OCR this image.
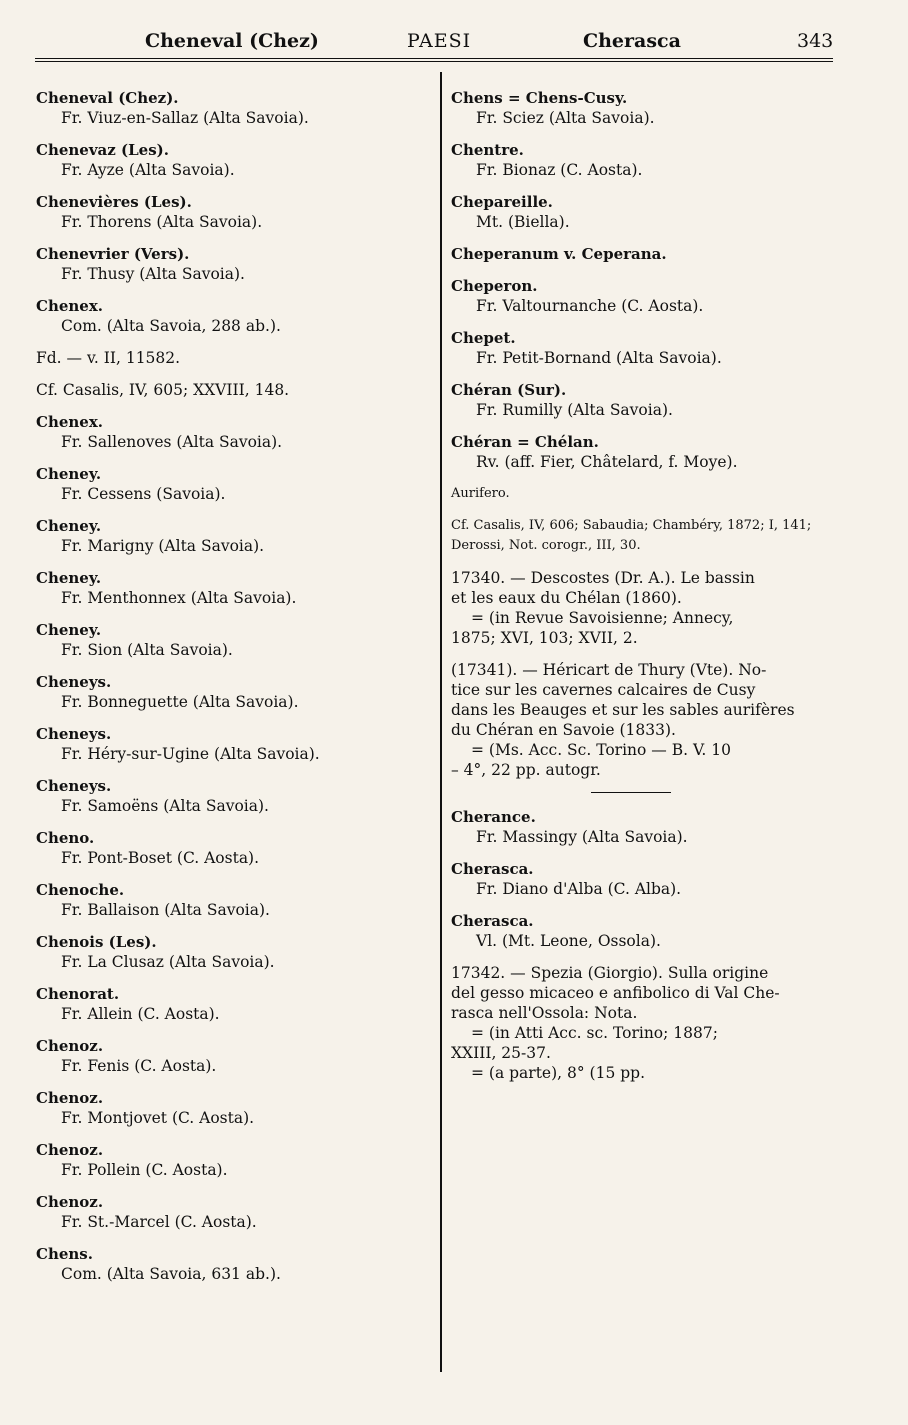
Cheneval (Chez)	PAESI	Cherasca	343
Cheneval (Chez).
Fr. Viuz-en-Sallaz (Alta Savoia).
Chenevaz (Les).
Fr. Ayze (Alta Savoia).
Chenevières (Les).
Fr. Thorens (Alta Savoia).
Chenevrier (Vers).
Fr. Thusy (Alta Savoia).
Chenex.
Com. (Alta Savoia, 288 ab.).
Fd. — v. II, 11582.
Cf. Casalis, IV, 605; XXVIII, 148.
Chenex.
Fr. Sallenoves (Alta Savoia).
Cheney.
Fr. Cessens (Savoia).
Cheney.
Fr. Marigny (Alta Savoia).
Cheney.
Fr. Menthonnex (Alta Savoia).
Cheney.
Fr. Sion (Alta Savoia).
Cheneys.
Fr. Bonneguette (Alta Savoia).
Cheneys.
Fr. Héry-sur-Ugine (Alta Savoia).
Cheneys.
Fr. Samoëns (Alta Savoia).
Cheno.
Fr. Pont-Boset (C. Aosta).
Chenoche.
Fr. Ballaison (Alta Savoia).
Chenois (Les).
Fr. La Clusaz (Alta Savoia).
Chenorat.
Fr. Allein (C. Aosta).
Chenoz.
Fr. Fenis (C. Aosta).
Chenoz.
Fr. Montjovet (C. Aosta).
Chenoz.
Fr. Pollein (C. Aosta).
Chenoz.
Fr. St.-Marcel (C. Aosta).
Chens.
Com. (Alta Savoia, 631 ab.).
Chens = Chens-Cusy.
Fr. Sciez (Alta Savoia).
Chentre.
Fr. Bionaz (C. Aosta).
Chepareille.
Mt. (Biella).
Cheperanum v. Ceperana.
Cheperon.
Fr. Valtournanche (C. Aosta).
Chepet.
Fr. Petit-Bornand (Alta Savoia).
Chéran (Sur).
Fr. Rumilly (Alta Savoia).
Chéran = Chélan.
Rv. (aff. Fier, Châtelard, f. Moye).
Aurifero.
Cf. Casalis, IV, 606; Sabaudia; Chambéry, 1872; I, 141; Derossi, Not. corogr., III, 30.

17340. — Descostes (Dr. A.). Le bassin

et les eaux du Chélan (1860).

= (in Revue Savoisienne; Annecy,

1875; XVI, 103; XVII, 2.

(17341). — Héricart de Thury (Vte). No-

tice sur les cavernes calcaires de Cusy

dans les Beauges et sur les sables aurifères

du Chéran en Savoie (1833).

= (Ms. Acc. Sc. Torino — B. V. 10

– 4°, 22 pp. autogr.

Cherance.
Fr. Massingy (Alta Savoia).
Cherasca.
Fr. Diano d'Alba (C. Alba).
Cherasca.
Vl. (Mt. Leone, Ossola).

17342. — Spezia (Giorgio). Sulla origine

del gesso micaceo e anfibolico di Val Che-

rasca nell'Ossola: Nota.

= (in Atti Acc. sc. Torino; 1887;

XXIII, 25-37.

= (a parte), 8° (15 pp.
